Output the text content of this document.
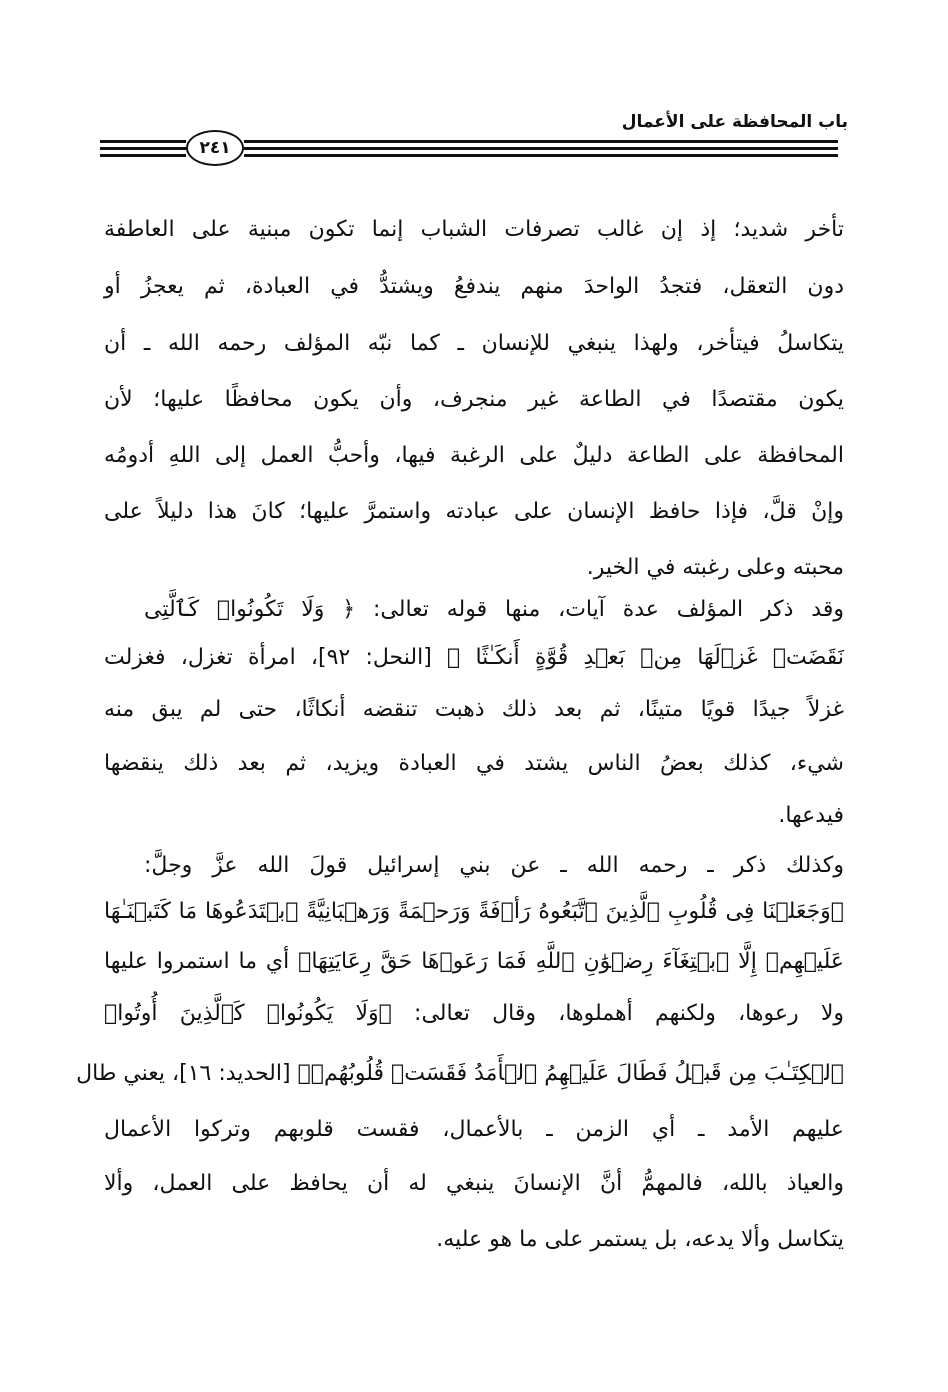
باب المحافظة على الأعمال
٢٤١
تأخر شديد؛ إذ إن غالب تصرفات الشباب إنما تكون مبنية على العاطفة
دون التعقل، فتجدُ الواحدَ منهم يندفعُ ويشتدُّ في العبادة، ثم يعجزُ أو
يتكاسلُ فيتأخر، ولهذا ينبغي للإنسان ـ كما نبّه المؤلف رحمه الله ـ أن
يكون مقتصدًا في الطاعة غير منجرف، وأن يكون محافظًا عليها؛ لأن
المحافظة على الطاعة دليلٌ على الرغبة فيها، وأحبُّ العمل إلى اللهِ أدومُه
وإنْ قلَّ، فإذا حافظ الإنسان على عبادته واستمرَّ عليها؛ كانَ هذا دليلاً على
محبته وعلى رغبته في الخير.
وقد ذكر المؤلف عدة آيات، منها قوله تعالى: ﴿ وَلَا تَكُونُوا۟ كَٱلَّتِى
نَقَضَتۡ غَزۡلَهَا مِنۢ بَعۡدِ قُوَّةٍ أَنكَـٰثًا ﴾ [النحل: ٩٢]، امرأة تغزل، فغزلت
غزلاً جيدًا قويًا متينًا، ثم بعد ذلك ذهبت تنقضه أنكاثًا، حتى لم يبق منه
شيء، كذلك بعضُ الناس يشتد في العبادة ويزيد، ثم بعد ذلك ينقضها
فيدعها.
وكذلك ذكر ـ رحمه الله ـ عن بني إسرائيل قولَ الله عزَّ وجلَّ:
﴿وَجَعَلۡنَا فِى قُلُوبِ ٱلَّذِينَ ٱتَّبَعُوهُ رَأۡفَةً وَرَحۡمَةً وَرَهۡبَانِيَّةً ٱبۡتَدَعُوهَا مَا كَتَبۡنَـٰهَا
عَلَيۡهِمۡ إِلَّا ٱبۡتِغَآءَ رِضۡوَٰنِ ٱللَّهِ فَمَا رَعَوۡهَا حَقَّ رِعَايَتِهَا﴾ أي ما استمروا عليها
ولا رعوها، ولكنهم أهملوها، وقال تعالى: ﴿وَلَا يَكُونُوا۟ كَٱلَّذِينَ أُوتُوا۟
ٱلۡكِتَـٰبَ مِن قَبۡلُ فَطَالَ عَلَيۡهِمُ ٱلۡأَمَدُ فَقَسَتۡ قُلُوبُهُمۡ﴾ [الحديد: ١٦]، يعني طال
عليهم الأمد ـ أي الزمن ـ بالأعمال، فقست قلوبهم وتركوا الأعمال
والعياذ بالله، فالمهمُّ أنَّ الإنسانَ ينبغي له أن يحافظ على العمل، وألا
يتكاسل وألا يدعه، بل يستمر على ما هو عليه.
